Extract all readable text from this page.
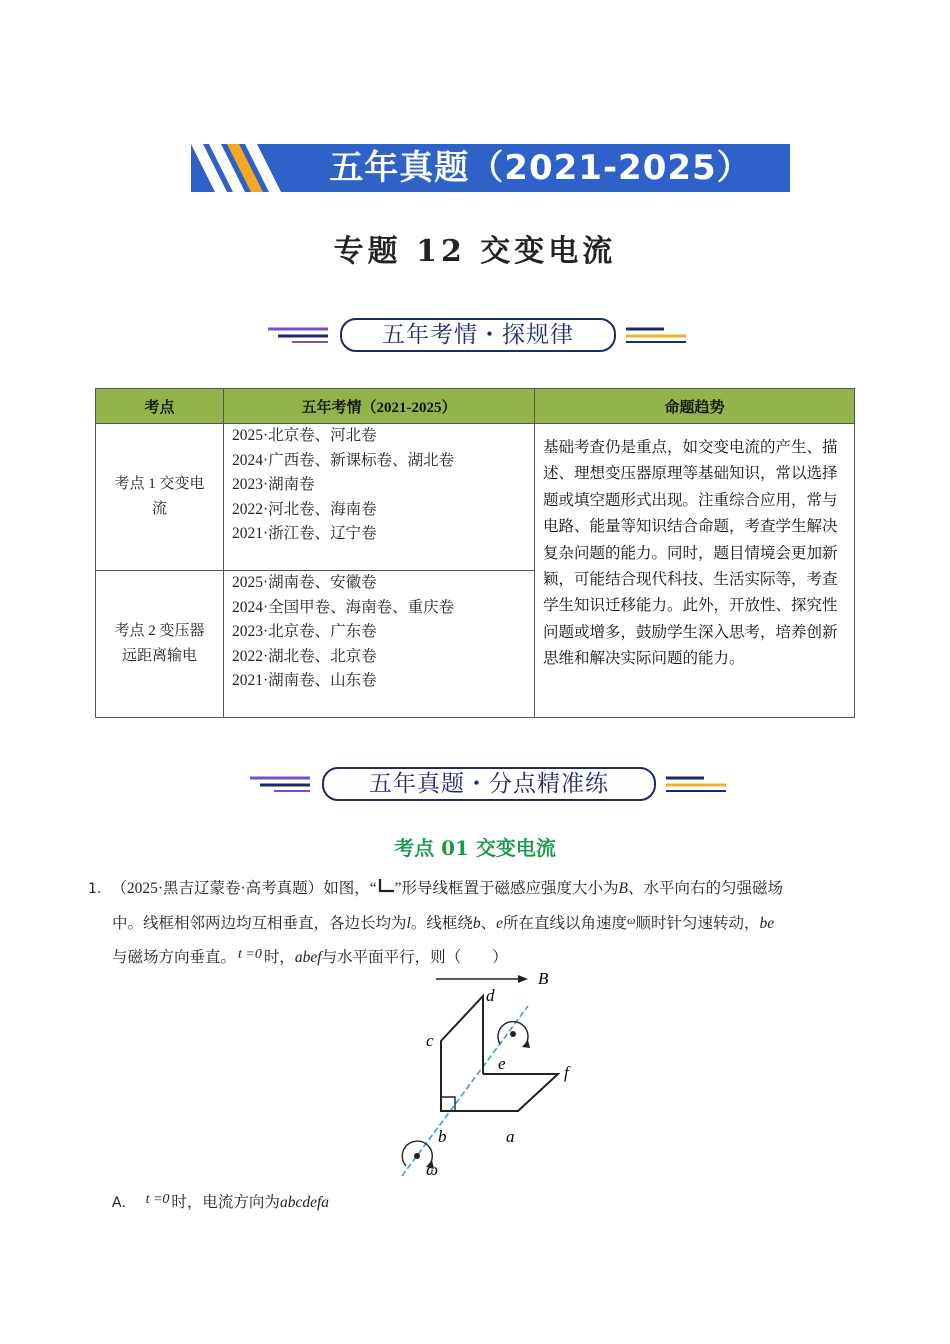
五年真题（2021-2025）
专题 12 交变电流
五年考情・探规律
考点	五年考情（2021-2025）	命题趋势

考点 1 交变电流	2025·北京卷、河北卷
2024·广西卷、新课标卷、湖北卷
2023·湖南卷
2022·河北卷、海南卷
2021·浙江卷、辽宁卷	基础考查仍是重点，如交变电流的产生、描述、理想变压器原理等基础知识，常以选择题或填空题形式出现。注重综合应用，常与电路、能量等知识结合命题，考查学生解决复杂问题的能力。同时，题目情境会更加新颖，可能结合现代科技、生活实际等，考查学生知识迁移能力。此外，开放性、探究性问题或增多，鼓励学生深入思考，培养创新思维和解决实际问题的能力。

考点 2 变压器远距离输电	2025·湖南卷、安徽卷
2024·全国甲卷、海南卷、重庆卷
2023·北京卷、广东卷
2022·湖北卷、北京卷
2021·湖南卷、山东卷	
五年真题・分点精准练
考点 01 交变电流
1. （2025·黑吉辽蒙卷·高考真题）如图，“ ”形导线框置于磁感应强度大小为B、水平向右的匀强磁场
中。线框相邻两边均互相垂直，各边长均为l。线框绕b、e所在直线以角速度$^\omega$顺时针匀速转动，be
与磁场方向垂直。 t =0 时，abef与水平面平行，则（　　）
B
d
c
e	f
b	a
ω
A． t =0 时，电流方向为abcdefa
